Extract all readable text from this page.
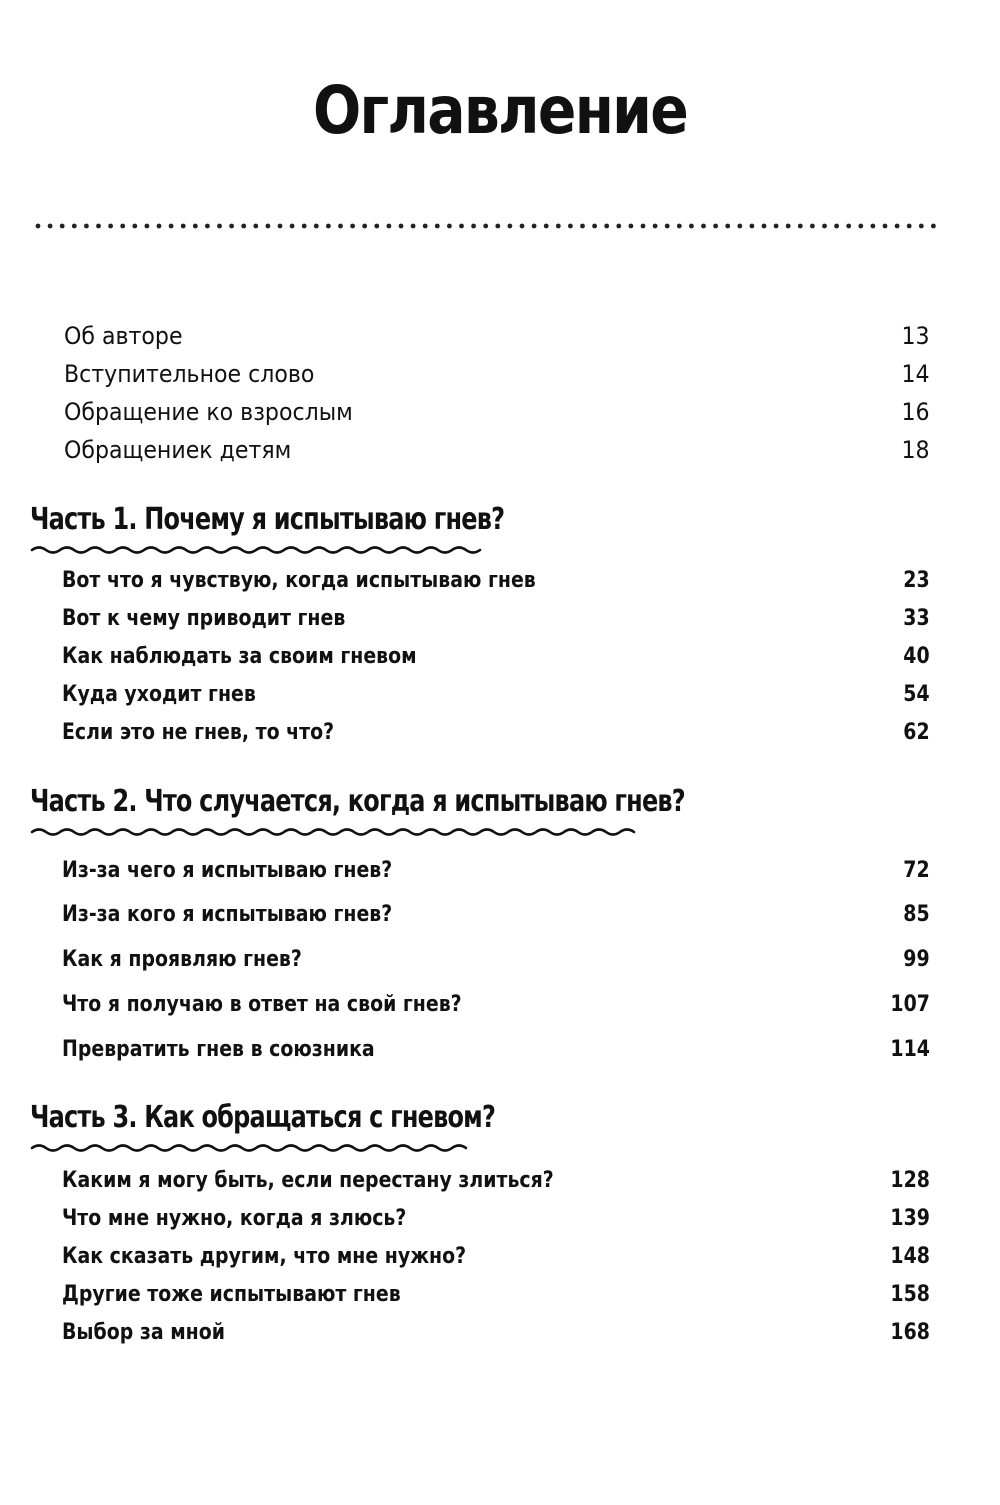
Оглавление
Об авторе	13
Вступительное слово	14
Обращение ко взрослым	16
Обращениек детям	18
Часть 1. Почему я испытываю гнев?
Вот что я чувствую, когда испытываю гнев	23
Вот к чему приводит гнев	33
Как наблюдать за своим гневом	40
Куда уходит гнев	54
Если это не гнев, то что?	62
Часть 2. Что случается, когда я испытываю гнев?
Из-за чего я испытываю гнев?	72
Из-за кого я испытываю гнев?	85
Как я проявляю гнев?	99
Что я получаю в ответ на свой гнев?	107
Превратить гнев в союзника	114
Часть 3. Как обращаться с гневом?
Каким я могу быть, если перестану злиться?	128
Что мне нужно, когда я злюсь?	139
Как сказать другим, что мне нужно?	148
Другие тоже испытывают гнев	158
Выбор за мной	168
